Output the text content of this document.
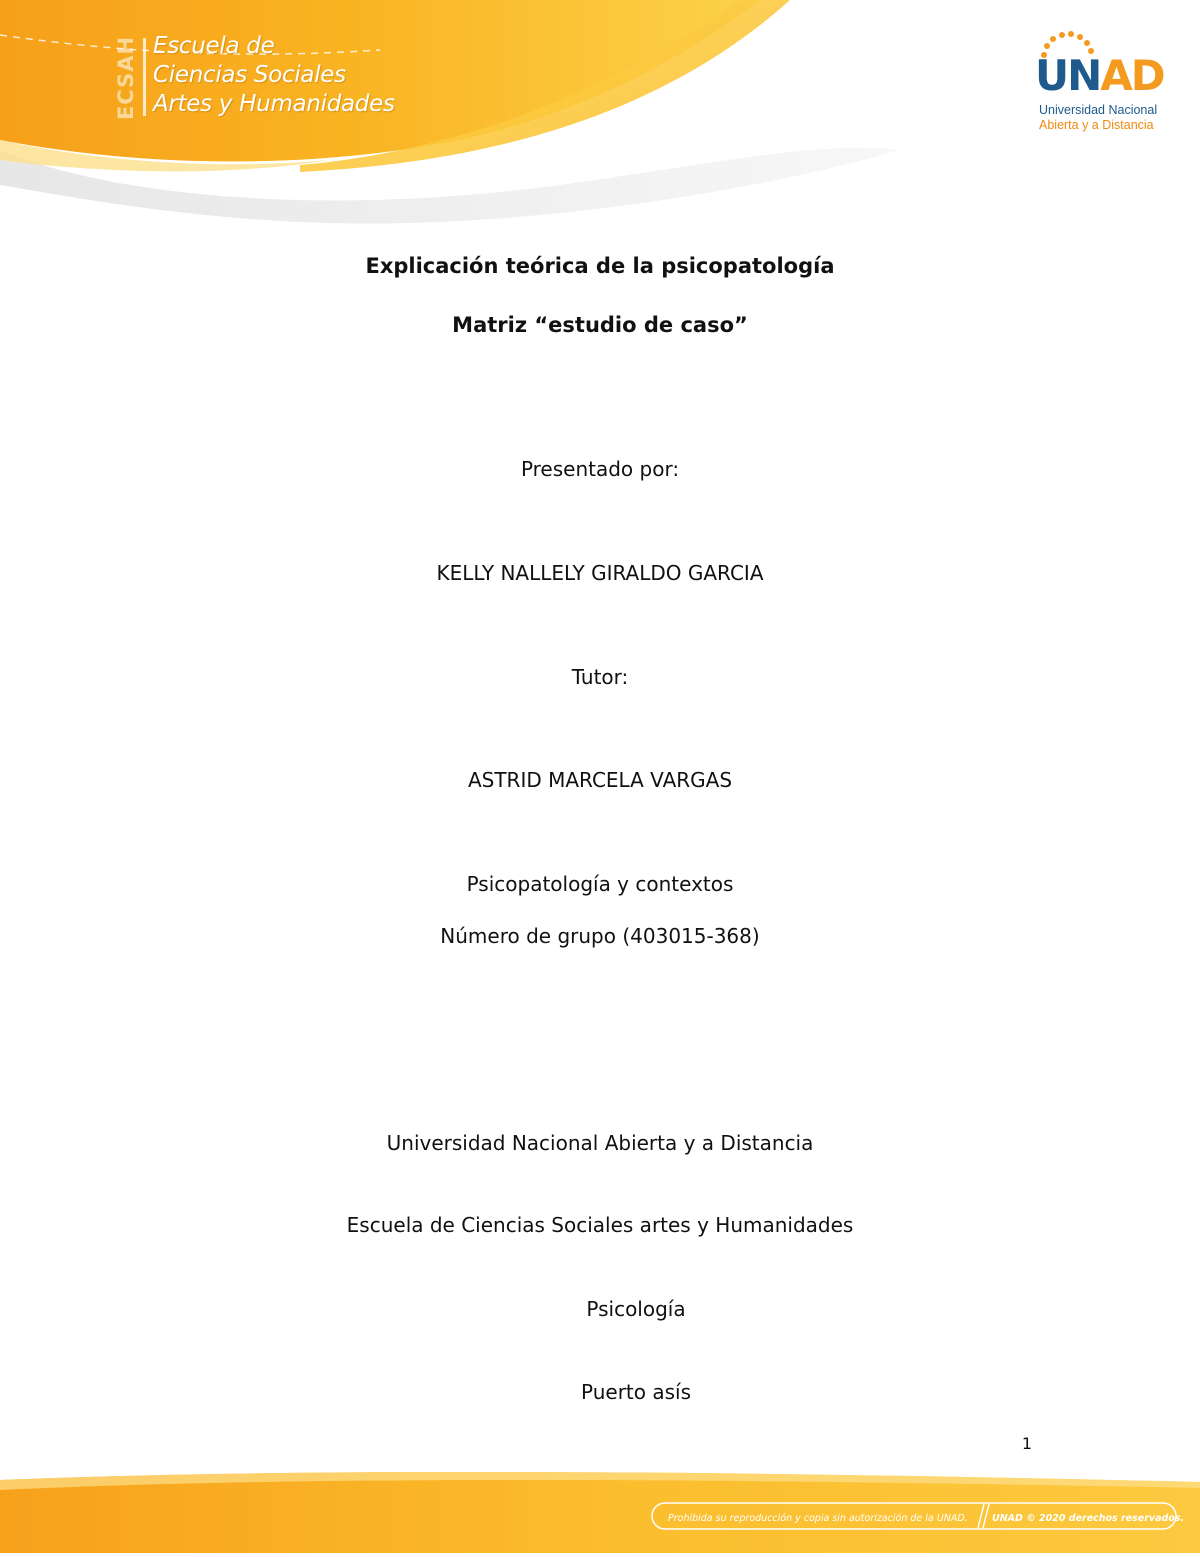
ECSAH Escuela de
Ciencias Sociales
Artes y Humanidades
UNAD
Universidad Nacional
Abierta y a Distancia
Explicación teórica de la psicopatología
Matriz “estudio de caso”
Presentado por:
KELLY NALLELY GIRALDO GARCIA
Tutor:
ASTRID MARCELA VARGAS
Psicopatología y contextos
Número de grupo (403015-368)
Universidad Nacional Abierta y a Distancia
Escuela de Ciencias Sociales artes y Humanidades
Psicología
Puerto asís
1
Prohibida su reproducción y copia sin autorización de la UNAD.	UNAD © 2020 derechos reservados.
